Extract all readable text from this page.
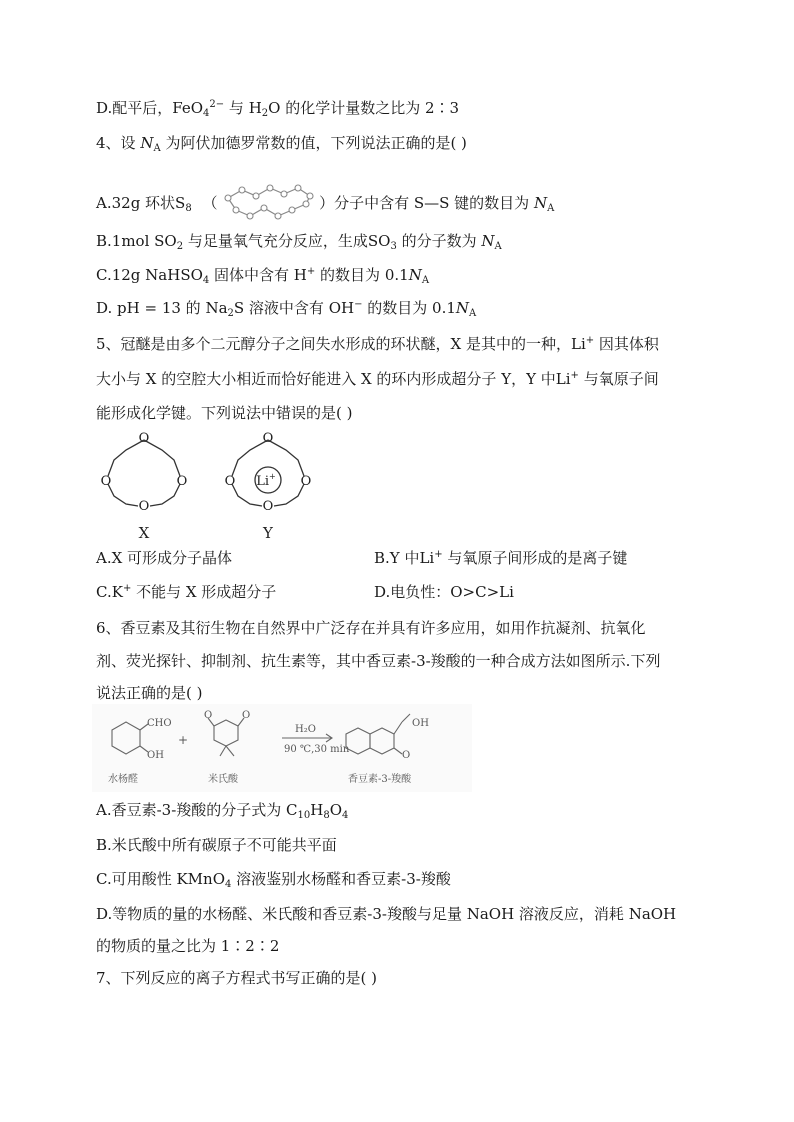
D.配平后，FeO$_4^{2-}$ 与 $H_2O$ 的化学计量数之比为 2∶3
4、设 $N_A$ 为阿伏加德罗常数的值，下列说法正确的是( )
A.32g 环状$S_8$ （	）分子中含有 S—S 键的数目为 $N_A$
B.1mol $SO_2$ 与足量氧气充分反应，生成$SO_3$ 的分子数为 $N_A$
C.12g NaHSO$_4$ 固体中含有 H+ 的数目为 $0.1N_A$
D. pH = 13 的 $Na_2S$ 溶液中含有 OH− 的数目为 $0.1N_A$
5、冠醚是由多个二元醇分子之间失水形成的环状醚，X 是其中的一种，Li+ 因其体积
大小与 X 的空腔大小相近而恰好能进入 X 的环内形成超分子 Y，Y 中Li+ 与氧原子间
能形成化学键。下列说法中错误的是( )
O
O	O
O
O
O	O
O
Li+
X	Y
A.X 可形成分子晶体	B.Y 中Li+ 与氧原子间形成的是离子键
C.K+ 不能与 X 形成超分子	D.电负性：O>C>Li
6、香豆素及其衍生物在自然界中广泛存在并具有许多应用，如用作抗凝剂、抗氧化
剂、荧光探针、抑制剂、抗生素等，其中香豆素-3-羧酸的一种合成方法如图所示.下列
说法正确的是( )
CHO
OH
O	O
OH
O
+
H₂O
90 ℃,30 min
水杨醛	米氏酸	香豆素-3-羧酸
A.香豆素-3-羧酸的分子式为 $C_{10}H_8O_4$
B.米氏酸中所有碳原子不可能共平面
C.可用酸性 KMnO$_4$ 溶液鉴别水杨醛和香豆素-3-羧酸
D.等物质的量的水杨醛、米氏酸和香豆素-3-羧酸与足量 NaOH 溶液反应，消耗 NaOH
的物质的量之比为 1∶2∶2
7、下列反应的离子方程式书写正确的是( )
